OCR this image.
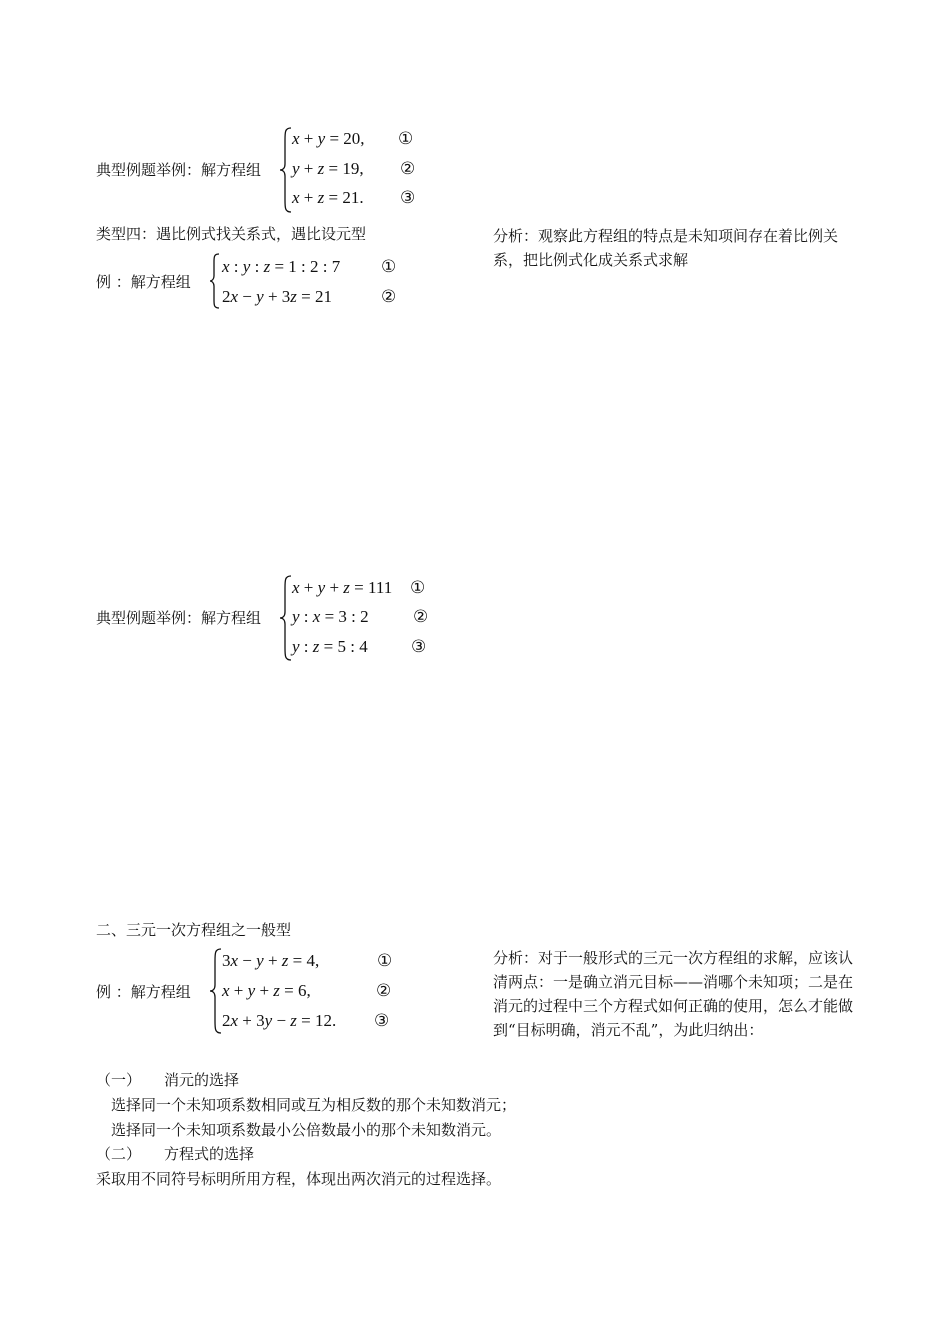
典型例题举例：解方程组
x + y = 20, ①
y + z = 19, ②
x + z = 21. ③
类型四：遇比例式找关系式，遇比设元型	分析：观察此方程组的特点是未知项间存在着比例关系，把比例式化成关系式求解
例 ：解方程组
x : y : z = 1 : 2 : 7 ①
2x − y + 3z = 21	②
典型例题举例：解方程组
x + y + z = 111 ①
y : x = 3 : 2	②
y : z = 5 : 4	③
二、三元一次方程组之一般型
分析：对于一般形式的三元一次方程组的求解，应该认清两点：一是确立消元目标——消哪个未知项；二是在消元的过程中三个方程式如何正确的使用，怎么才能做到“目标明确，消元不乱”，为此归纳出：
例 ：解方程组
3x − y + z = 4,	①
x + y + z = 6,	②
2x + 3y − z = 12. ③
（一） 消元的选择
选择同一个未知项系数相同或互为相反数的那个未知数消元；
选择同一个未知项系数最小公倍数最小的那个未知数消元。
（二） 方程式的选择
采取用不同符号标明所用方程，体现出两次消元的过程选择。
